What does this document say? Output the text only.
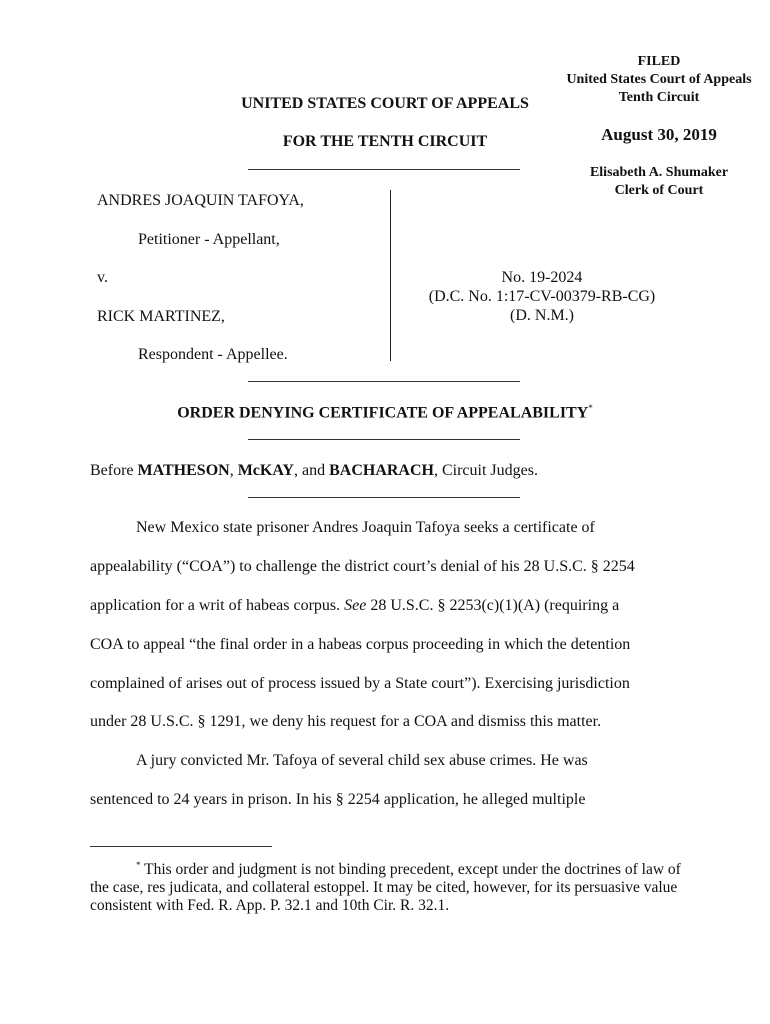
FILED
United States Court of Appeals
Tenth Circuit
August 30, 2019
Elisabeth A. Shumaker
Clerk of Court
UNITED STATES COURT OF APPEALS
FOR THE TENTH CIRCUIT
ANDRES JOAQUIN TAFOYA,
Petitioner - Appellant,
v.
RICK MARTINEZ,
Respondent - Appellee.
No. 19-2024
(D.C. No. 1:17-CV-00379-RB-CG)
(D. N.M.)
ORDER DENYING CERTIFICATE OF APPEALABILITY*
Before MATHESON, McKAY, and BACHARACH, Circuit Judges.
New Mexico state prisoner Andres Joaquin Tafoya seeks a certificate of
appealability (“COA”) to challenge the district court’s denial of his 28 U.S.C. § 2254
application for a writ of habeas corpus. See 28 U.S.C. § 2253(c)(1)(A) (requiring a
COA to appeal “the final order in a habeas corpus proceeding in which the detention
complained of arises out of process issued by a State court”). Exercising jurisdiction
under 28 U.S.C. § 1291, we deny his request for a COA and dismiss this matter.
A jury convicted Mr. Tafoya of several child sex abuse crimes. He was
sentenced to 24 years in prison. In his § 2254 application, he alleged multiple
* This order and judgment is not binding precedent, except under the doctrines of law of the case, res judicata, and collateral estoppel. It may be cited, however, for its persuasive value consistent with Fed. R. App. P. 32.1 and 10th Cir. R. 32.1.
